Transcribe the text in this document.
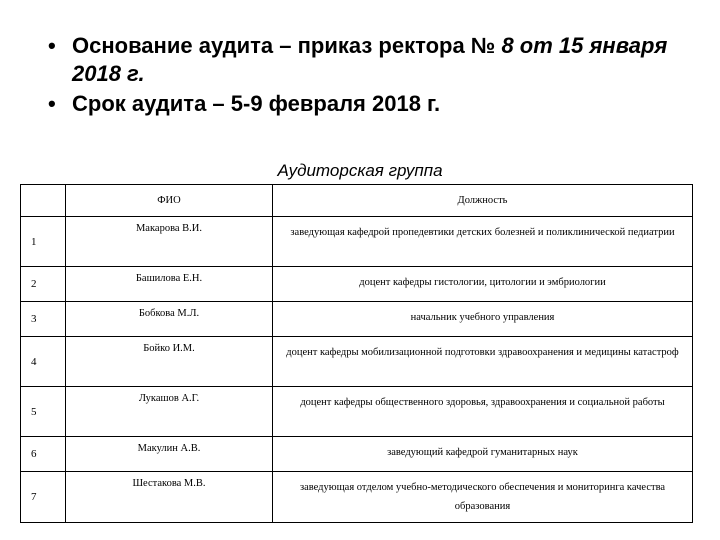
• Основание аудита – приказ ректора № 8 от 15 января 2018 г.
• Срок аудита – 5-9 февраля 2018 г.
Аудиторская группа
	ФИО	Должность
1	Макарова В.И.	заведующая кафедрой пропедевтики детских болезней и поликлинической педиатрии
2	Башилова Е.Н.	доцент кафедры гистологии, цитологии и эмбриологии
3	Бобкова М.Л.	начальник учебного управления
4	Бойко И.М.	доцент кафедры мобилизационной подготовки здравоохранения и медицины катастроф
5	Лукашов А.Г.	доцент кафедры общественного здоровья, здравоохранения и социальной работы
6	Макулин А.В.	заведующий кафедрой гуманитарных наук
7	Шестакова М.В.	заведующая отделом учебно-методического обеспечения и мониторинга качества образования
